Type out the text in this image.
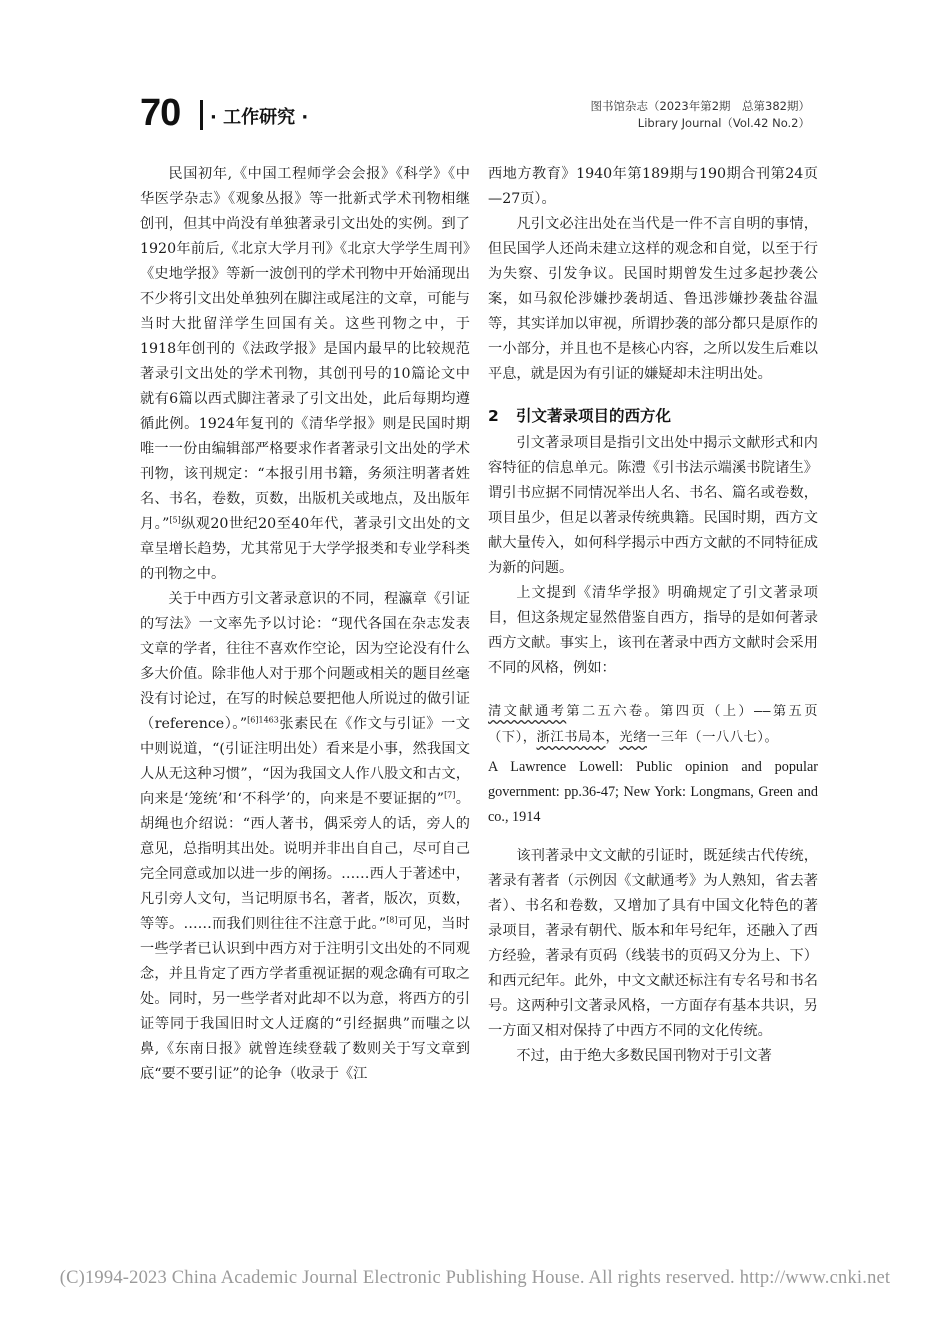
70 · 工作研究 ·
图书馆杂志（2023年第2期　总第382期）
Library Journal（Vol.42 No.2）

民国初年,《中国工程师学会会报》《科学》《中华医学杂志》《观象丛报》等一批新式学术刊物相继创刊，但其中尚没有单独著录引文出处的实例。到了1920年前后,《北京大学月刊》《北京大学学生周刊》《史地学报》等新一波创刊的学术刊物中开始涌现出不少将引文出处单独列在脚注或尾注的文章，可能与当时大批留洋学生回国有关。这些刊物之中，于1918年创刊的《法政学报》是国内最早的比较规范著录引文出处的学术刊物，其创刊号的10篇论文中就有6篇以西式脚注著录了引文出处，此后每期均遵循此例。1924年复刊的《清华学报》则是民国时期唯一一份由编辑部严格要求作者著录引文出处的学术刊物，该刊规定：“本报引用书籍，务须注明著者姓名、书名，卷数，页数，出版机关或地点，及出版年月。”[5]纵观20世纪20至40年代，著录引文出处的文章呈增长趋势，尤其常见于大学学报类和专业学科类的刊物之中。

关于中西方引文著录意识的不同，程瀛章《引证的写法》一文率先予以讨论：“现代各国在杂志发表文章的学者，往往不喜欢作空论，因为空论没有什么多大价值。除非他人对于那个问题或相关的题目丝毫没有讨论过，在写的时候总要把他人所说过的做引证（reference）。”$^{[6]1463}$张素民在《作文与引证》一文中则说道，“(引证注明出处）看来是小事，然我国文人从无这种习惯”，“因为我国文人作八股文和古文，向来是‘笼统’和‘不科学’的，向来是不要证据的”[7]。胡绳也介绍说：“西人著书，偶采旁人的话，旁人的意见，总指明其出处。说明并非出自自己，尽可自己完全同意或加以进一步的阐扬。……西人于著述中，凡引旁人文句，当记明原书名，著者，版次，页数，等等。……而我们则往往不注意于此。”[8]可见，当时一些学者已认识到中西方对于注明引文出处的不同观念，并且肯定了西方学者重视证据的观念确有可取之处。同时，另一些学者对此却不以为意，将西方的引证等同于我国旧时文人迂腐的“引经据典”而嗤之以鼻,《东南日报》就曾连续登载了数则关于写文章到底“要不要引证”的论争（收录于《江

西地方教育》1940年第189期与190期合刊第24页—27页）。

凡引文必注出处在当代是一件不言自明的事情，但民国学人还尚未建立这样的观念和自觉，以至于行为失察、引发争议。民国时期曾发生过多起抄袭公案，如马叙伦涉嫌抄袭胡适、鲁迅涉嫌抄袭盐谷温等，其实详加以审视，所谓抄袭的部分都只是原作的一小部分，并且也不是核心内容，之所以发生后难以平息，就是因为有引证的嫌疑却未注明出处。

2 引文著录项目的西方化

引文著录项目是指引文出处中揭示文献形式和内容特征的信息单元。陈澧《引书法示端溪书院诸生》谓引书应据不同情况举出人名、书名、篇名或卷数，项目虽少，但足以著录传统典籍。民国时期，西方文献大量传入，如何科学揭示中西方文献的不同特征成为新的问题。

上文提到《清华学报》明确规定了引文著录项目，但这条规定显然借鉴自西方，指导的是如何著录西方文献。事实上，该刊在著录中西方文献时会采用不同的风格，例如：

清文献通考第二五六卷。第四页（上）——第五页（下），浙江书局本，光绪一三年（一八八七）。
A Lawrence Lowell: Public opinion and popular government: pp.36-47; New York: Longmans, Green and co., 1914

该刊著录中文文献的引证时，既延续古代传统，著录有著者（示例因《文献通考》为人熟知，省去著者）、书名和卷数，又增加了具有中国文化特色的著录项目，著录有朝代、版本和年号纪年，还融入了西方经验，著录有页码（线装书的页码又分为上、下）和西元纪年。此外，中文文献还标注有专名号和书名号。这两种引文著录风格，一方面存有基本共识，另一方面又相对保持了中西方不同的文化传统。

不过，由于绝大多数民国刊物对于引文著

(C)1994-2023 China Academic Journal Electronic Publishing House. All rights reserved. http://www.cnki.net
